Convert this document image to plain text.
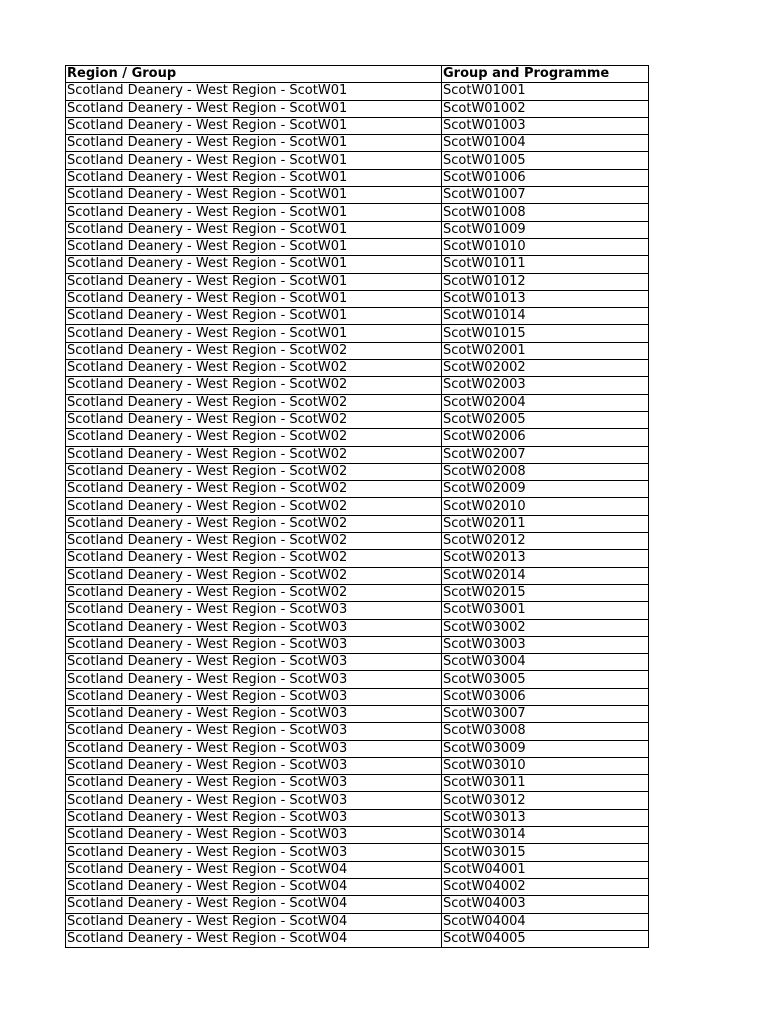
Region / Group	Group and Programme
Scotland Deanery - West Region - ScotW01	ScotW01001
Scotland Deanery - West Region - ScotW01	ScotW01002
Scotland Deanery - West Region - ScotW01	ScotW01003
Scotland Deanery - West Region - ScotW01	ScotW01004
Scotland Deanery - West Region - ScotW01	ScotW01005
Scotland Deanery - West Region - ScotW01	ScotW01006
Scotland Deanery - West Region - ScotW01	ScotW01007
Scotland Deanery - West Region - ScotW01	ScotW01008
Scotland Deanery - West Region - ScotW01	ScotW01009
Scotland Deanery - West Region - ScotW01	ScotW01010
Scotland Deanery - West Region - ScotW01	ScotW01011
Scotland Deanery - West Region - ScotW01	ScotW01012
Scotland Deanery - West Region - ScotW01	ScotW01013
Scotland Deanery - West Region - ScotW01	ScotW01014
Scotland Deanery - West Region - ScotW01	ScotW01015
Scotland Deanery - West Region - ScotW02	ScotW02001
Scotland Deanery - West Region - ScotW02	ScotW02002
Scotland Deanery - West Region - ScotW02	ScotW02003
Scotland Deanery - West Region - ScotW02	ScotW02004
Scotland Deanery - West Region - ScotW02	ScotW02005
Scotland Deanery - West Region - ScotW02	ScotW02006
Scotland Deanery - West Region - ScotW02	ScotW02007
Scotland Deanery - West Region - ScotW02	ScotW02008
Scotland Deanery - West Region - ScotW02	ScotW02009
Scotland Deanery - West Region - ScotW02	ScotW02010
Scotland Deanery - West Region - ScotW02	ScotW02011
Scotland Deanery - West Region - ScotW02	ScotW02012
Scotland Deanery - West Region - ScotW02	ScotW02013
Scotland Deanery - West Region - ScotW02	ScotW02014
Scotland Deanery - West Region - ScotW02	ScotW02015
Scotland Deanery - West Region - ScotW03	ScotW03001
Scotland Deanery - West Region - ScotW03	ScotW03002
Scotland Deanery - West Region - ScotW03	ScotW03003
Scotland Deanery - West Region - ScotW03	ScotW03004
Scotland Deanery - West Region - ScotW03	ScotW03005
Scotland Deanery - West Region - ScotW03	ScotW03006
Scotland Deanery - West Region - ScotW03	ScotW03007
Scotland Deanery - West Region - ScotW03	ScotW03008
Scotland Deanery - West Region - ScotW03	ScotW03009
Scotland Deanery - West Region - ScotW03	ScotW03010
Scotland Deanery - West Region - ScotW03	ScotW03011
Scotland Deanery - West Region - ScotW03	ScotW03012
Scotland Deanery - West Region - ScotW03	ScotW03013
Scotland Deanery - West Region - ScotW03	ScotW03014
Scotland Deanery - West Region - ScotW03	ScotW03015
Scotland Deanery - West Region - ScotW04	ScotW04001
Scotland Deanery - West Region - ScotW04	ScotW04002
Scotland Deanery - West Region - ScotW04	ScotW04003
Scotland Deanery - West Region - ScotW04	ScotW04004
Scotland Deanery - West Region - ScotW04	ScotW04005
